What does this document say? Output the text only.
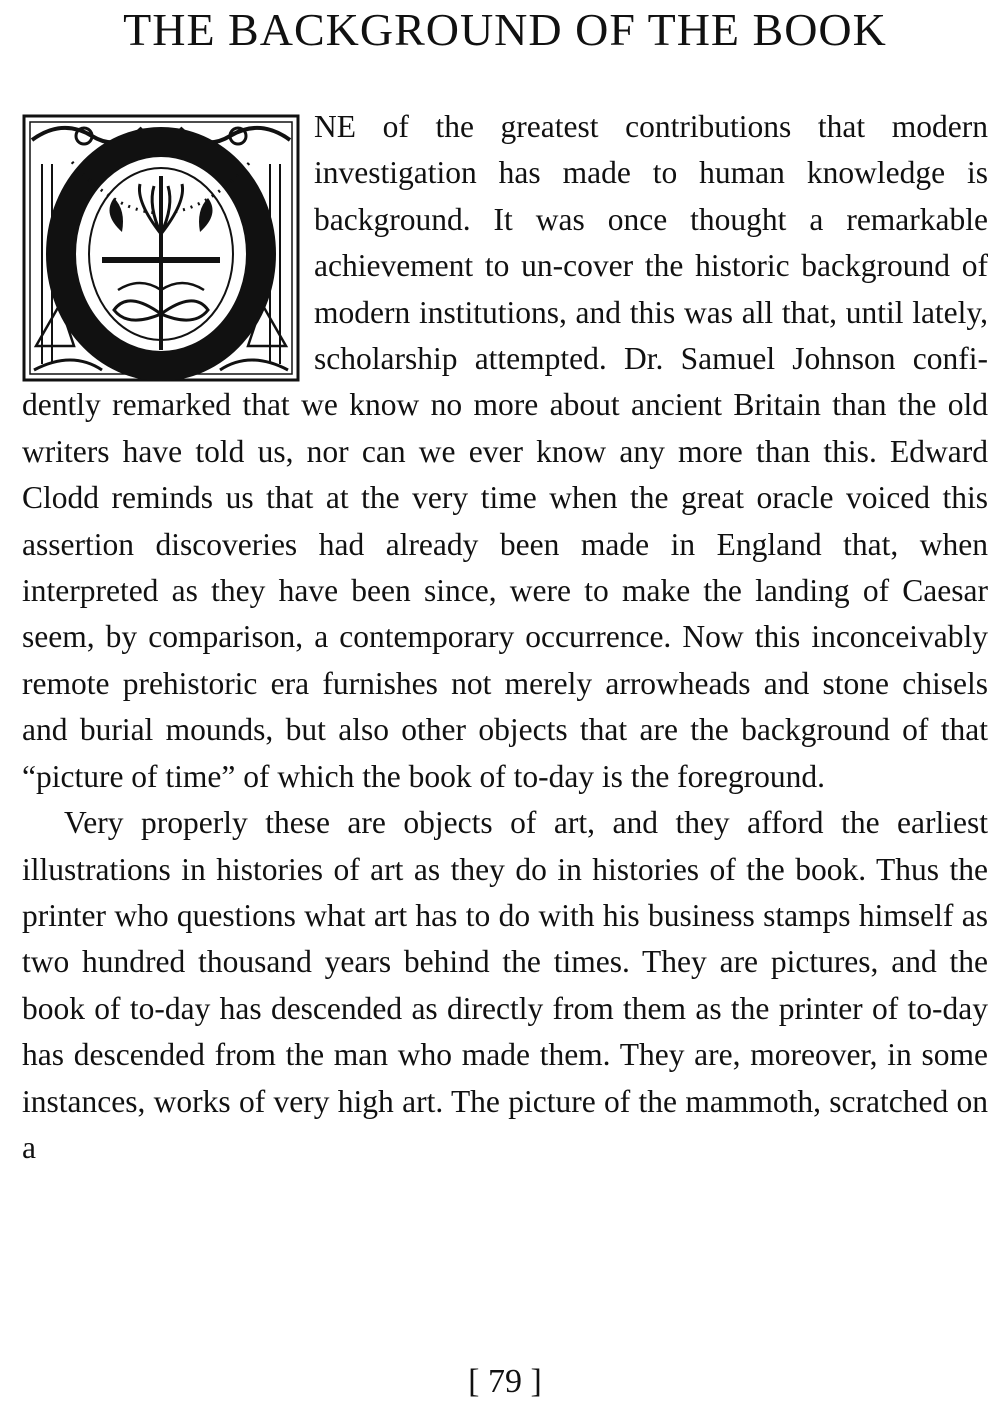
THE BACKGROUND OF THE BOOK

NE of the greatest contributions that modern investigation has made to human knowledge is background. It was once thought a remarkable achievement to un-cover the historic background of modern institutions, and this was all that, until lately, scholarship attempted. Dr. Samuel Johnson confi-dently remarked that we know no more about ancient Britain than the old writers have told us, nor can we ever know any more than this. Edward Clodd reminds us that at the very time when the great oracle voiced this assertion discoveries had already been made in England that, when interpreted as they have been since, were to make the landing of Caesar seem, by comparison, a contemporary occurrence. Now this inconceivably remote prehistoric era furnishes not merely arrowheads and stone chisels and burial mounds, but also other objects that are the background of that “picture of time” of which the book of to-day is the foreground.

Very properly these are objects of art, and they afford the earliest illustrations in histories of art as they do in histories of the book. Thus the printer who questions what art has to do with his business stamps himself as two hundred thousand years behind the times. They are pictures, and the book of to-day has descended as directly from them as the printer of to-day has descended from the man who made them. They are, moreover, in some instances, works of very high art. The picture of the mammoth, scratched on a

[ 79 ]
